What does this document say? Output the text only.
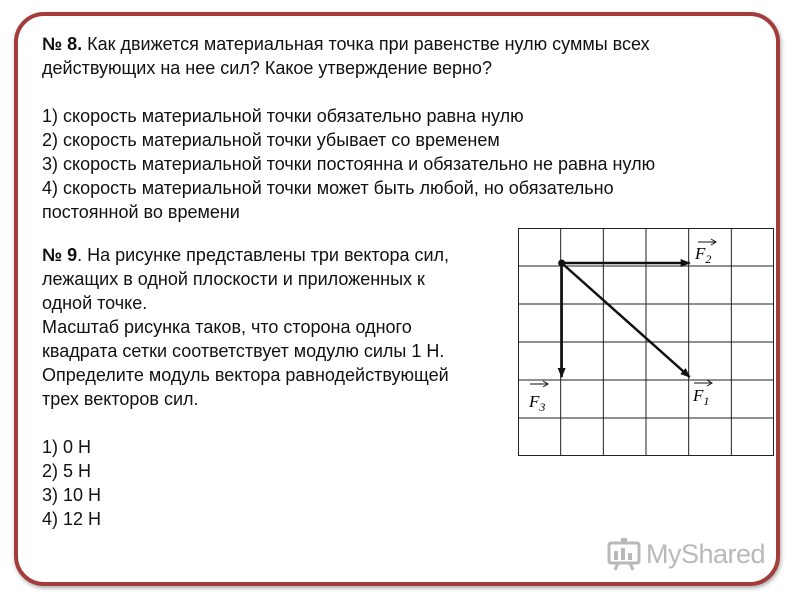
№ 8. Как движется материальная точка при равенстве нулю суммы всех
действующих на нее сил? Какое утверждение верно?
1) скорость материальной точки обязательно равна нулю
2) скорость материальной точки убывает со временем
3) скорость материальной точки постоянна и обязательно не равна нулю
4) скорость материальной точки может быть любой, но обязательно
постоянной во времени
№ 9. На рисунке представлены три вектора сил,
лежащих в одной плоскости и приложенных к
одной точке.
Масштаб рисунка таков, что сторона одного
квадрата сетки соответствует модулю силы 1 Н.
Определите модуль вектора равнодействующей
трех векторов сил.
1) 0 Н
2) 5 Н
3) 10 Н
4) 12 Н
$F_2$
$F_3$
$F_1$
MyShared
